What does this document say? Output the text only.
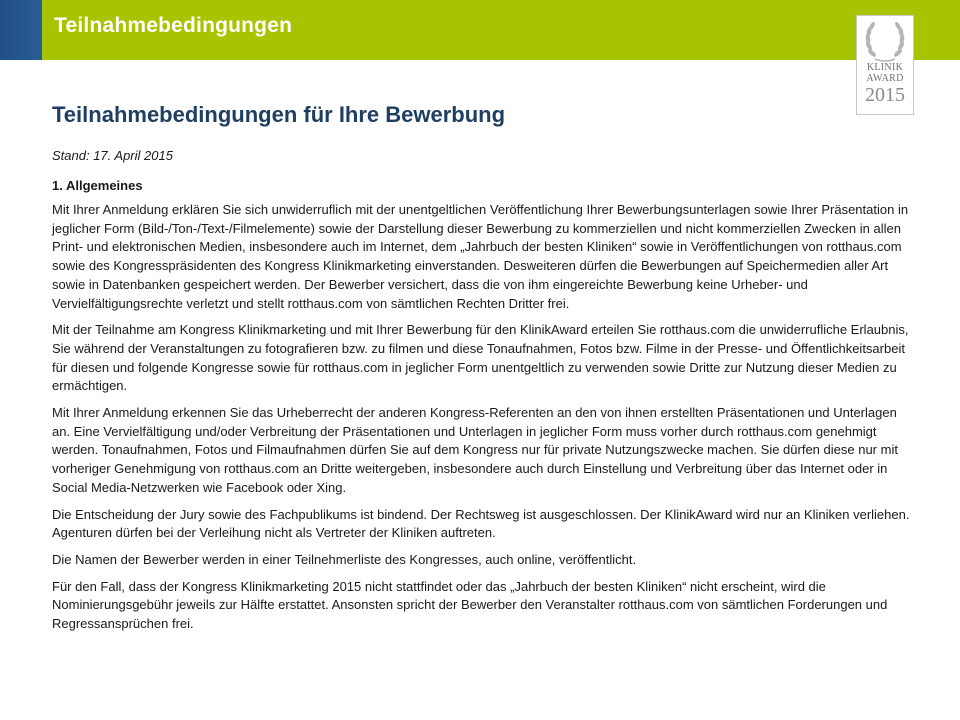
Teilnahmebedingungen
KLINIK
AWARD
2015
Teilnahmebedingungen für Ihre Bewerbung

Stand: 17. April 2015

1. Allgemeines

Mit Ihrer Anmeldung erklären Sie sich unwiderruflich mit der unentgeltlichen Veröffentlichung Ihrer Bewerbungsunterlagen sowie Ihrer Präsentation in jeglicher Form (Bild-/Ton-/Text-/Filmelemente) sowie der Darstellung dieser Bewerbung zu kommerziellen und nicht kommerziellen Zwecken in allen Print- und elektronischen Medien, insbesondere auch im Internet, dem „Jahrbuch der besten Kliniken“ sowie in Veröffentlichungen von rotthaus.com sowie des Kongresspräsidenten des Kongress Klinikmarketing einverstanden. Desweiteren dürfen die Bewerbungen auf Speichermedien aller Art sowie in Datenbanken gespeichert werden. Der Bewerber versichert, dass die von ihm eingereichte Bewerbung keine Urheber- und Vervielfältigungsrechte verletzt und stellt rotthaus.com von sämtlichen Rechten Dritter frei.

Mit der Teilnahme am Kongress Klinikmarketing und mit Ihrer Bewerbung für den KlinikAward erteilen Sie rotthaus.com die unwiderrufliche Erlaubnis, Sie während der Veranstaltungen zu fotografieren bzw. zu filmen und diese Tonaufnahmen, Fotos bzw. Filme in der Presse- und Öffentlichkeitsarbeit für diesen und folgende Kongresse sowie für rotthaus.com in jeglicher Form unentgeltlich zu verwenden sowie Dritte zur Nutzung dieser Medien zu ermächtigen.

Mit Ihrer Anmeldung erkennen Sie das Urheberrecht der anderen Kongress-Referenten an den von ihnen erstellten Präsentationen und Unterlagen an. Eine Vervielfältigung und/oder Verbreitung der Präsentationen und Unterlagen in jeglicher Form muss vorher durch rotthaus.com genehmigt werden. Tonaufnahmen, Fotos und Filmaufnahmen dürfen Sie auf dem Kongress nur für private Nutzungszwecke machen. Sie dürfen diese nur mit vorheriger Genehmigung von rotthaus.com an Dritte weitergeben, insbesondere auch durch Einstellung und Verbreitung über das Internet oder in Social Media-Netzwerken wie Facebook oder Xing.

Die Entscheidung der Jury sowie des Fachpublikums ist bindend. Der Rechtsweg ist ausgeschlossen. Der KlinikAward wird nur an Kliniken verliehen. Agenturen dürfen bei der Verleihung nicht als Vertreter der Kliniken auftreten.

Die Namen der Bewerber werden in einer Teilnehmerliste des Kongresses, auch online, veröffentlicht.

Für den Fall, dass der Kongress Klinikmarketing 2015 nicht stattfindet oder das „Jahrbuch der besten Kliniken“ nicht erscheint, wird die Nominierungsgebühr jeweils zur Hälfte erstattet. Ansonsten spricht der Bewerber den Veranstalter rotthaus.com von sämtlichen Forderungen und Regressansprüchen frei.
